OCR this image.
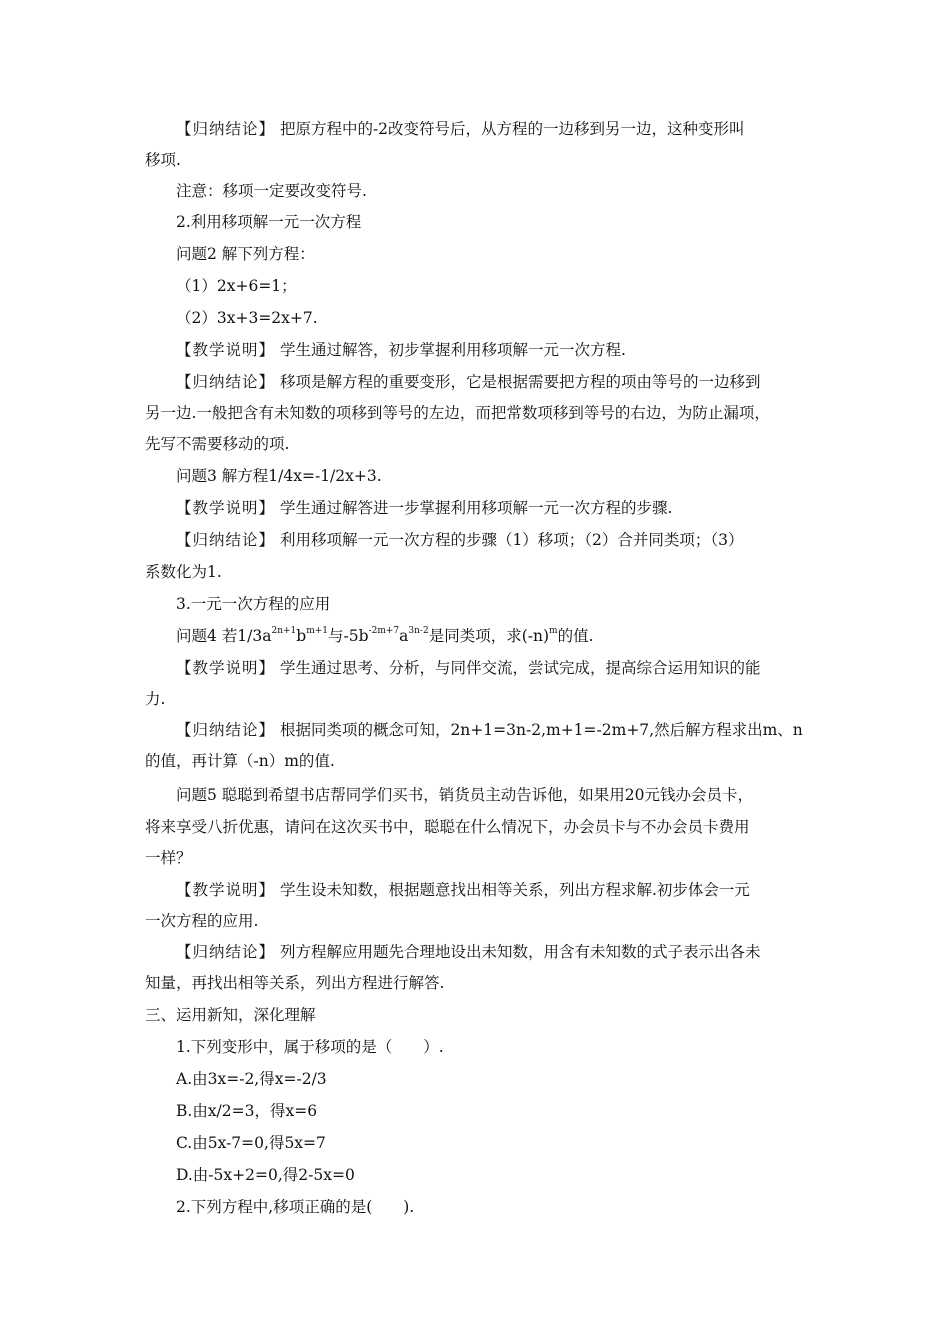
【归纳结论】 把原方程中的-2改变符号后，从方程的一边移到另一边，这种变形叫
移项.
注意：移项一定要改变符号.
2.利用移项解一元一次方程
问题2 解下列方程：
（1）2x+6=1；
（2）3x+3=2x+7.
【教学说明】 学生通过解答，初步掌握利用移项解一元一次方程.
【归纳结论】 移项是解方程的重要变形，它是根据需要把方程的项由等号的一边移到
另一边.一般把含有未知数的项移到等号的左边，而把常数项移到等号的右边，为防止漏项，
先写不需要移动的项.
问题3 解方程1/4x=-1/2x+3.
【教学说明】 学生通过解答进一步掌握利用移项解一元一次方程的步骤.
【归纳结论】 利用移项解一元一次方程的步骤（1）移项；（2）合并同类项；（3）
系数化为1.
3.一元一次方程的应用
问题4 若$1/3a^{2n+1}b^{m+1}$与$-5b^{-2m+7}a^{3n-2}$是同类项，求$(-n)^m$的值.
【教学说明】 学生通过思考、分析，与同伴交流，尝试完成，提高综合运用知识的能
力.
【归纳结论】 根据同类项的概念可知，2n+1=3n-2,m+1=-2m+7,然后解方程求出m、n
的值，再计算（-n）m的值.
问题5 聪聪到希望书店帮同学们买书，销货员主动告诉他，如果用20元钱办会员卡，
将来享受八折优惠，请问在这次买书中，聪聪在什么情况下，办会员卡与不办会员卡费用
一样？
【教学说明】 学生设未知数，根据题意找出相等关系，列出方程求解.初步体会一元
一次方程的应用.
【归纳结论】 列方程解应用题先合理地设出未知数，用含有未知数的式子表示出各未
知量，再找出相等关系，列出方程进行解答.
三、运用新知，深化理解
1.下列变形中，属于移项的是（　　）.
A.由3x=-2,得x=-2/3
B.由x/2=3，得x=6
C.由5x-7=0,得5x=7
D.由-5x+2=0,得2-5x=0
2.下列方程中,移项正确的是(　　).
